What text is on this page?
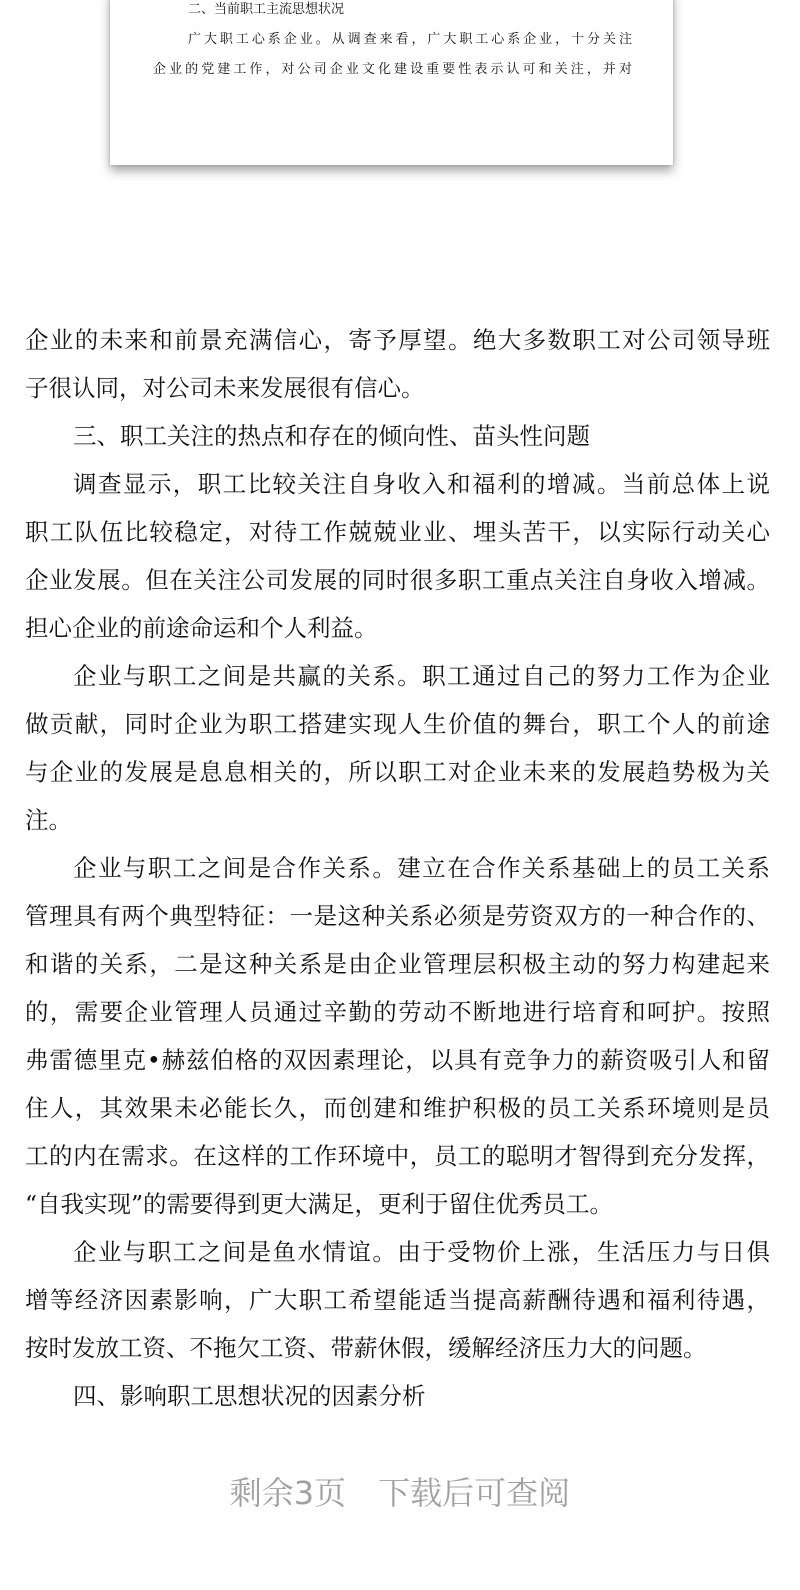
二、当前职工主流思想状况
广大职工心系企业。从调查来看，广大职工心系企业，十分关注
企业的党建工作，对公司企业文化建设重要性表示认可和关注，并对
企业的未来和前景充满信心，寄予厚望。绝大多数职工对公司领导班
子很认同，对公司未来发展很有信心。
三、职工关注的热点和存在的倾向性、苗头性问题
调查显示，职工比较关注自身收入和福利的增减。当前总体上说
职工队伍比较稳定，对待工作兢兢业业、埋头苦干，以实际行动关心
企业发展。但在关注公司发展的同时很多职工重点关注自身收入增减。
担心企业的前途命运和个人利益。
企业与职工之间是共赢的关系。职工通过自己的努力工作为企业
做贡献，同时企业为职工搭建实现人生价值的舞台，职工个人的前途
与企业的发展是息息相关的，所以职工对企业未来的发展趋势极为关
注。
企业与职工之间是合作关系。建立在合作关系基础上的员工关系
管理具有两个典型特征：一是这种关系必须是劳资双方的一种合作的、
和谐的关系，二是这种关系是由企业管理层积极主动的努力构建起来
的，需要企业管理人员通过辛勤的劳动不断地进行培育和呵护。按照
弗雷德里克•赫兹伯格的双因素理论，以具有竞争力的薪资吸引人和留
住人，其效果未必能长久，而创建和维护积极的员工关系环境则是员
工的内在需求。在这样的工作环境中，员工的聪明才智得到充分发挥，
“自我实现”的需要得到更大满足，更利于留住优秀员工。
企业与职工之间是鱼水情谊。由于受物价上涨，生活压力与日俱
增等经济因素影响，广大职工希望能适当提高薪酬待遇和福利待遇，
按时发放工资、不拖欠工资、带薪休假，缓解经济压力大的问题。
四、影响职工思想状况的因素分析
剩余3页 下载后可查阅
